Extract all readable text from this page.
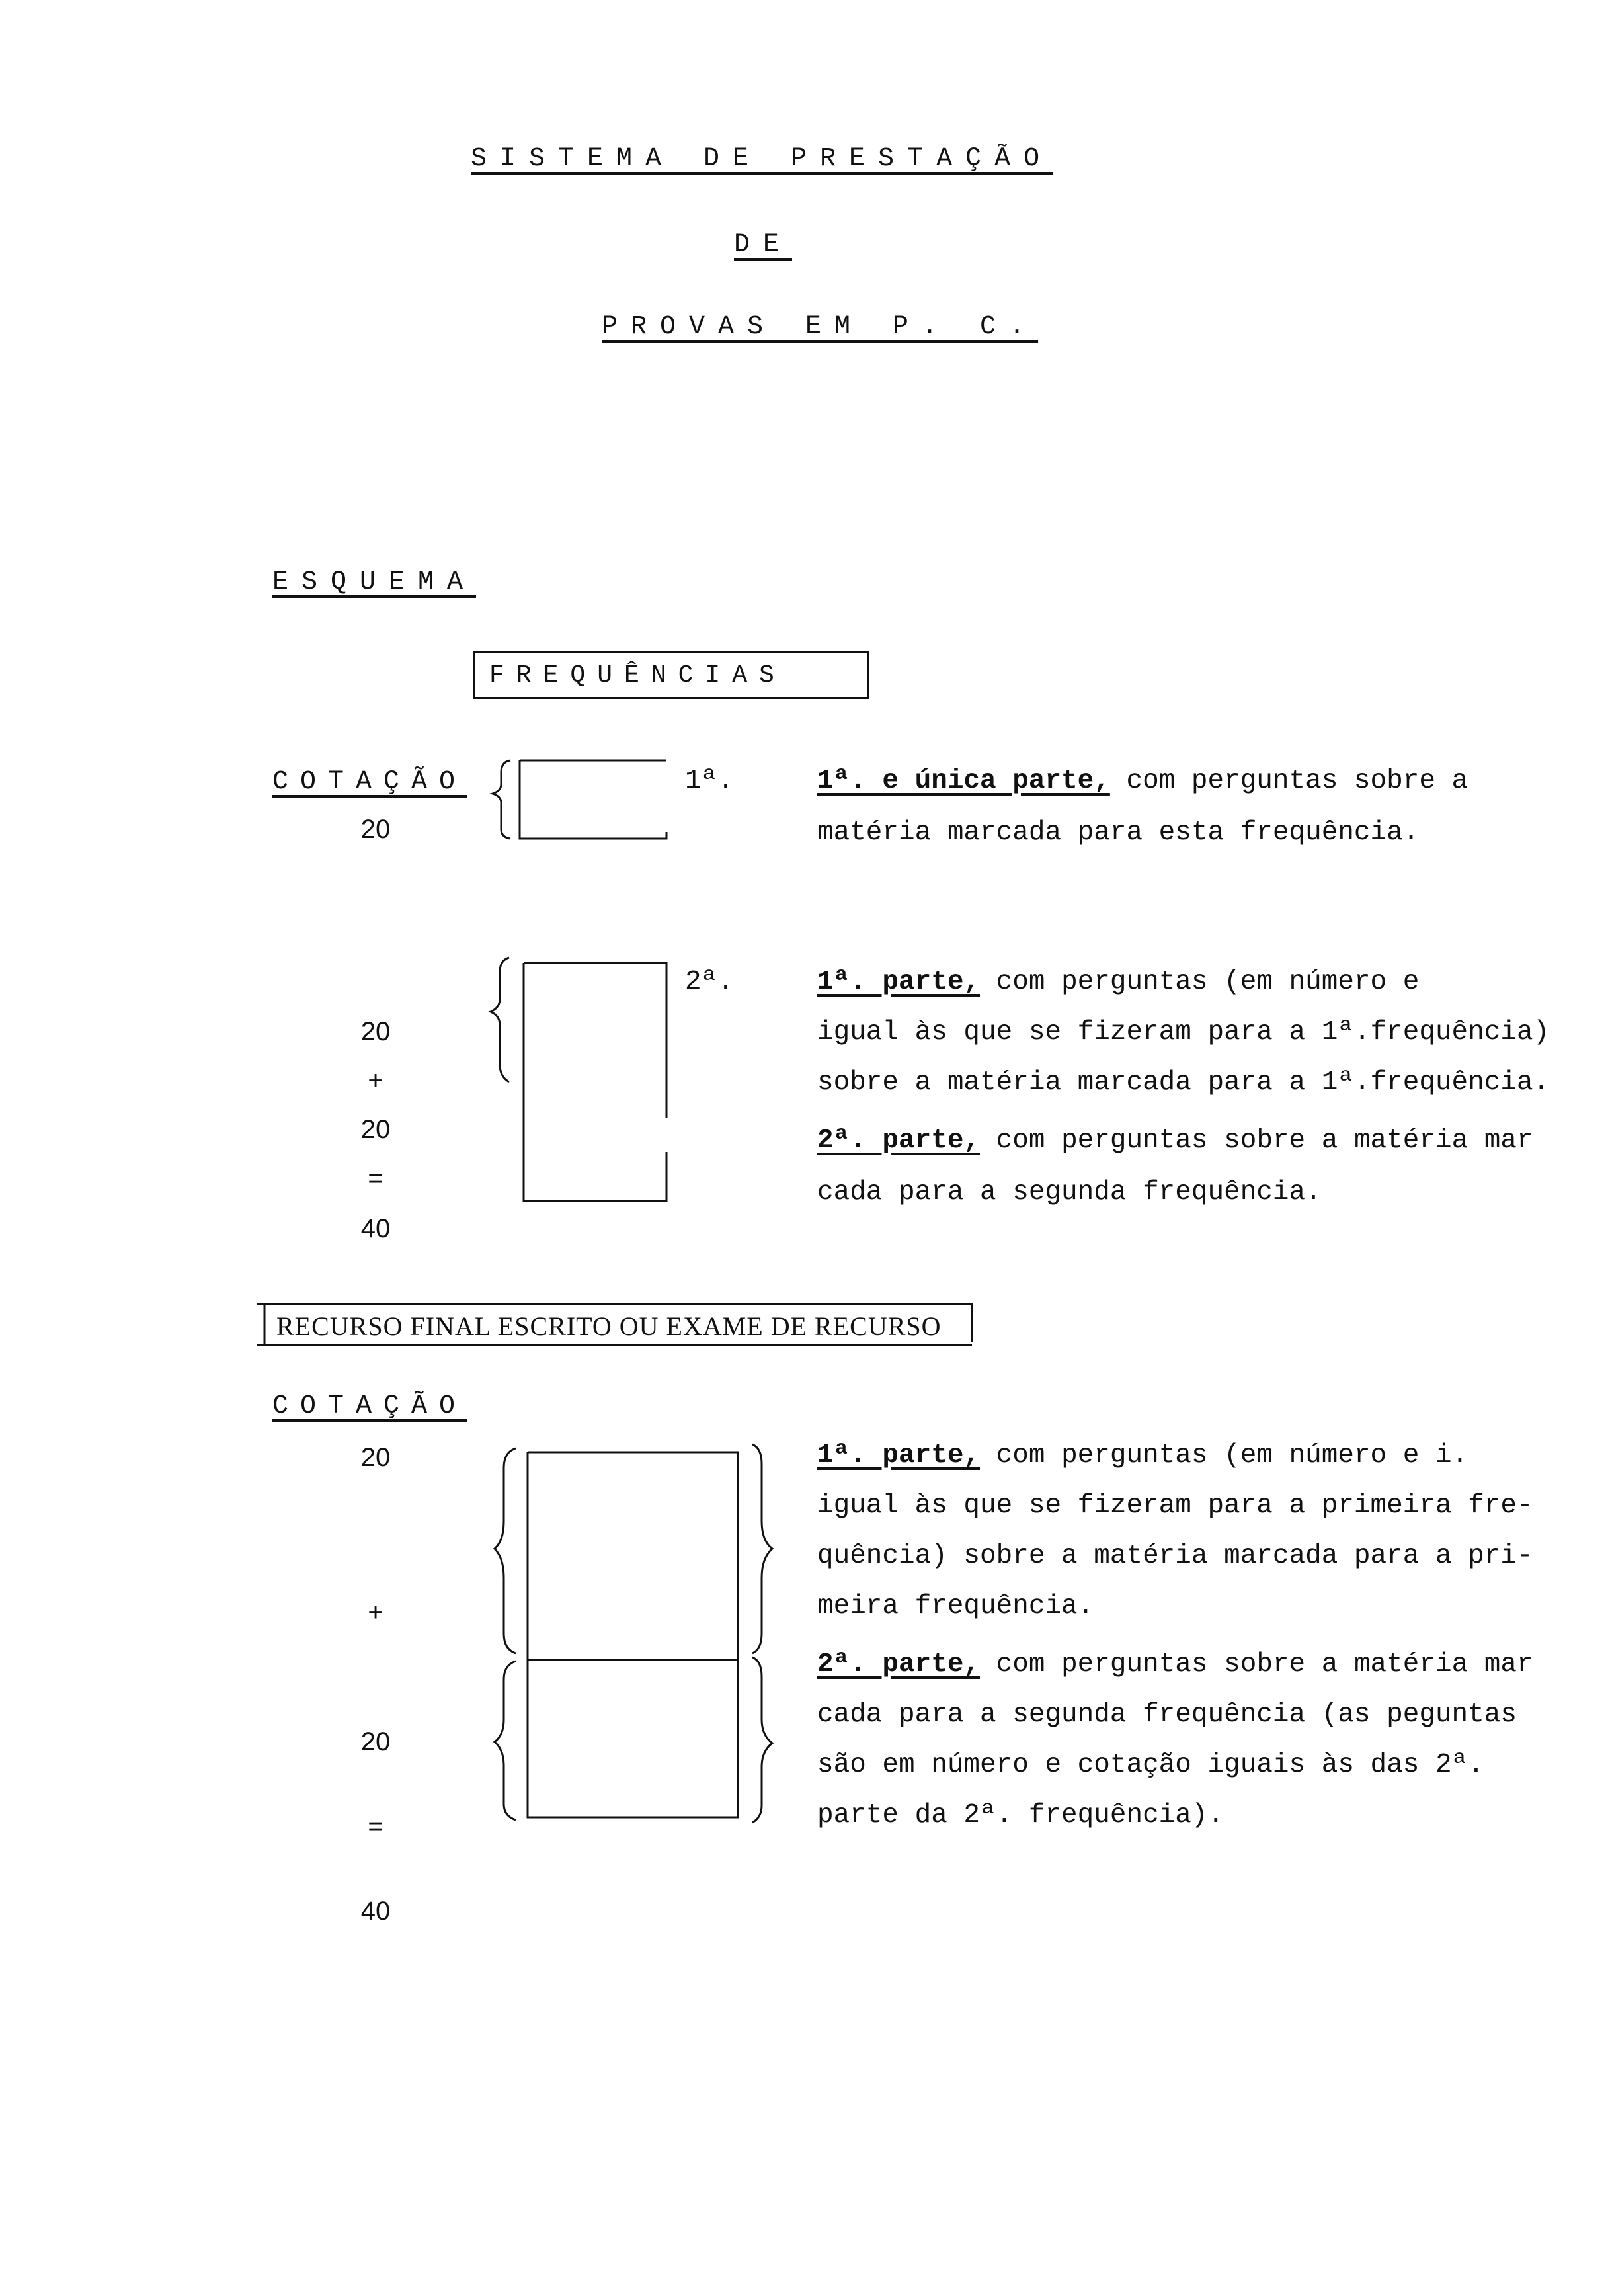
SISTEMA DE PRESTAÇÃO
DE
PROVAS EM P. C.
ESQUEMA
FREQUÊNCIAS
COTAÇÃO
20
1ª.	1ª. e única parte, com perguntas sobre a
matéria marcada para esta frequência.
2ª.
20
+
20
=
40
1ª. parte, com perguntas (em número e
igual às que se fizeram para a 1ª.frequência)
sobre a matéria marcada para a 1ª.frequência.
2ª. parte, com perguntas sobre a matéria mar
cada para a segunda frequência.
RECURSO FINAL ESCRITO OU EXAME DE RECURSO
COTAÇÃO
20
+
20
=
40
1ª. parte, com perguntas (em número e i.
igual às que se fizeram para a primeira fre-
quência) sobre a matéria marcada para a pri-
meira frequência.
2ª. parte, com perguntas sobre a matéria mar
cada para a segunda frequência (as peguntas
são em número e cotação iguais às das 2ª.
parte da 2ª. frequência).
